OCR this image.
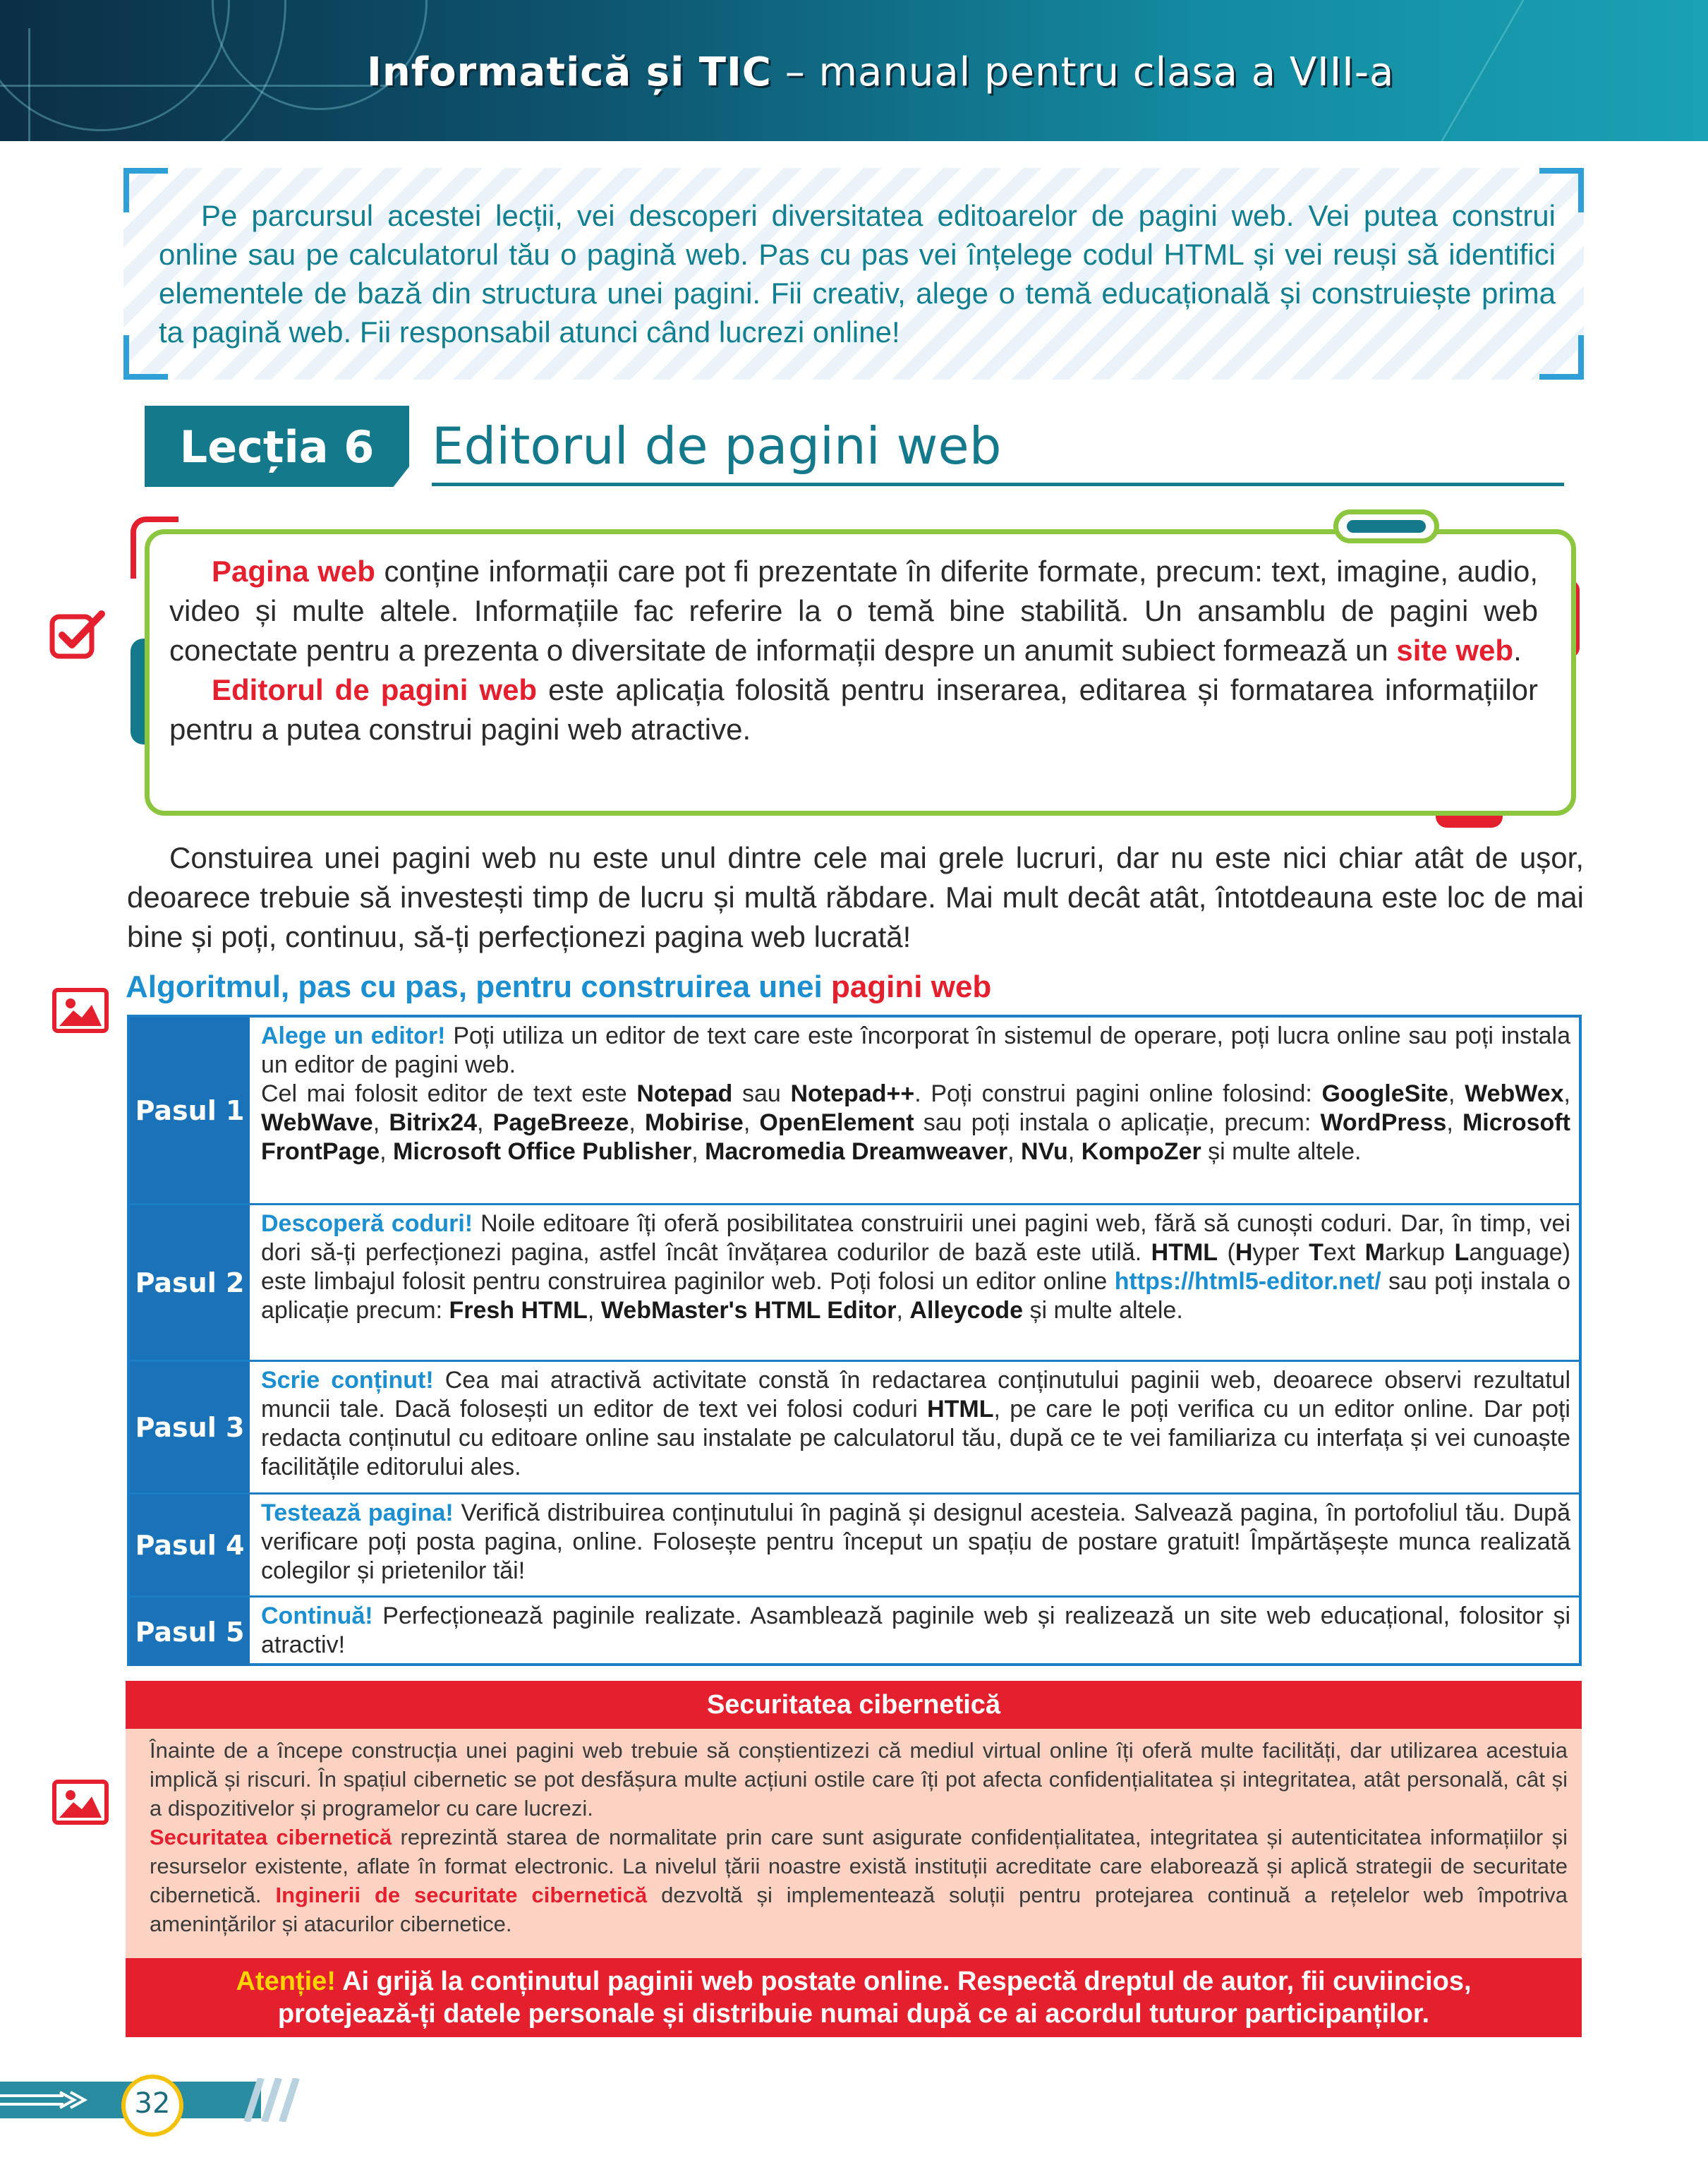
Informatică și TIC – manual pentru clasa a VIII-a
Pe parcursul acestei lecții, vei descoperi diversitatea editoarelor de pagini web. Vei putea construi online sau pe calculatorul tău o pagină web. Pas cu pas vei înțelege codul HTML și vei reuși să identifici elementele de bază din structura unei pagini. Fii creativ, alege o temă educațională și construiește prima ta pagină web. Fii responsabil atunci când lucrezi online!
Lecția 6	Editorul de pagini web
Pagina web conține informații care pot fi prezentate în diferite formate, precum: text, imagine, audio, video și multe altele. Informațiile fac referire la o temă bine stabilită. Un ansamblu de pagini web conectate pentru a prezenta o diversitate de informații despre un anumit subiect formează un site web.
Editorul de pagini web este aplicația folosită pentru inserarea, editarea și formatarea informațiilor pentru a putea construi pagini web atractive.
Constuirea unei pagini web nu este unul dintre cele mai grele lucruri, dar nu este nici chiar atât de ușor, deoarece trebuie să investești timp de lucru și multă răbdare. Mai mult decât atât, întotdeauna este loc de mai bine și poți, continuu, să-ți perfecționezi pagina web lucrată!
Algoritmul, pas cu pas, pentru construirea unei pagini web
Pasul 1
Alege un editor! Poți utiliza un editor de text care este încorporat în sistemul de operare, poți lucra online sau poți instala un editor de pagini web.
Cel mai folosit editor de text este Notepad sau Notepad++. Poți construi pagini online folosind: GoogleSite, WebWex, WebWave, Bitrix24, PageBreeze, Mobirise, OpenElement sau poți instala o aplicație, precum: WordPress, Microsoft FrontPage, Microsoft Office Publisher, Macromedia Dreamweaver, NVu, KompoZer și multe altele.
Pasul 2
Descoperă coduri! Noile editoare îți oferă posibilitatea construirii unei pagini web, fără să cunoști coduri. Dar, în timp, vei dori să-ți perfecționezi pagina, astfel încât învățarea codurilor de bază este utilă. HTML (Hyper Text Markup Language) este limbajul folosit pentru construirea paginilor web. Poți folosi un editor online https://html5-editor.net/ sau poți instala o aplicație precum: Fresh HTML, WebMaster's HTML Editor, Alleycode și multe altele.
Pasul 3
Scrie conținut! Cea mai atractivă activitate constă în redactarea conținutului paginii web, deoarece observi rezultatul muncii tale. Dacă folosești un editor de text vei folosi coduri HTML, pe care le poți verifica cu un editor online. Dar poți redacta conținutul cu editoare online sau instalate pe calculatorul tău, după ce te vei familiariza cu interfața și vei cunoaște facilitățile editorului ales.
Pasul 4
Testează pagina! Verifică distribuirea conținutului în pagină și designul acesteia. Salvează pagina, în portofoliul tău. După verificare poți posta pagina, online. Folosește pentru început un spațiu de postare gratuit! Împărtășește munca realizată colegilor și prietenilor tăi!
Pasul 5
Continuă! Perfecționează paginile realizate. Asamblează paginile web și realizează un site web educațional, folositor și atractiv!
Securitatea cibernetică
Înainte de a începe construcția unei pagini web trebuie să conștientizezi că mediul virtual online îți oferă multe facilități, dar utilizarea acestuia implică și riscuri. În spațiul cibernetic se pot desfășura multe acțiuni ostile care îți pot afecta confidențialitatea și integritatea, atât personală, cât și a dispozitivelor și programelor cu care lucrezi.
Securitatea cibernetică reprezintă starea de normalitate prin care sunt asigurate confidențialitatea, integritatea și autenticitatea informațiilor și resurselor existente, aflate în format electronic. La nivelul țării noastre există instituții acreditate care elaborează și aplică strategii de securitate cibernetică. Inginerii de securitate cibernetică dezvoltă și implementează soluții pentru protejarea continuă a rețelelor web împotriva amenințărilor și atacurilor cibernetice.
Atenție! Ai grijă la conținutul paginii web postate online. Respectă dreptul de autor, fii cuviincios, protejează-ți datele personale și distribuie numai după ce ai acordul tuturor participanților.
32
